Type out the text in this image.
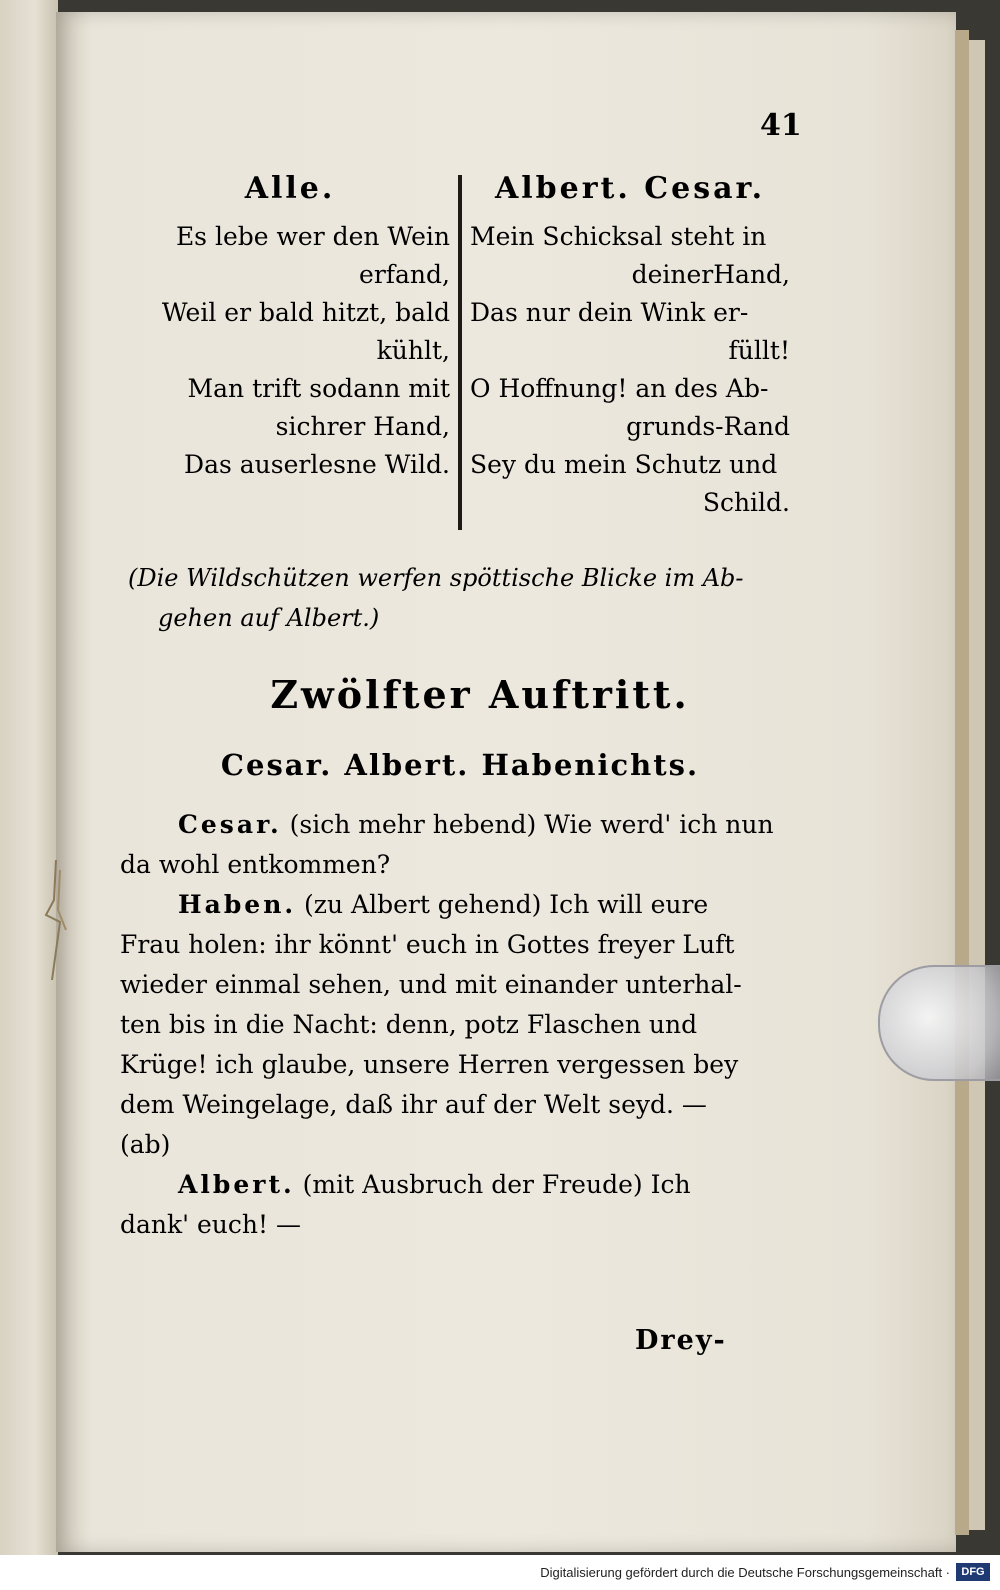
41
Alle.
Es lebe wer den Wein
erfand,
Weil er bald hitzt, bald
kühlt,
Man trift sodann mit
sichrer Hand,
Das auserlesne Wild.
Albert. Cesar.
Mein Schicksal steht in
deinerHand,
Das nur dein Wink er-
füllt!
O Hoffnung! an des Ab-
grunds-Rand
Sey du mein Schutz und
Schild.
(Die Wildschützen werfen spöttische Blicke im Ab-
gehen auf Albert.)
Zwölfter Auftritt.
Cesar. Albert. Habenichts.
Cesar. (sich mehr hebend) Wie werd' ich nun
da wohl entkommen?
Haben. (zu Albert gehend) Ich will eure
Frau holen: ihr könnt' euch in Gottes freyer Luft
wieder einmal sehen, und mit einander unterhal-
ten bis in die Nacht: denn, potz Flaschen und
Krüge! ich glaube, unsere Herren vergessen bey
dem Weingelage, daß ihr auf der Welt seyd. —
(ab)
Albert. (mit Ausbruch der Freude) Ich
dank' euch! —
Drey-
Digitalisierung gefördert durch die Deutsche Forschungsgemeinschaft ·	DFG
